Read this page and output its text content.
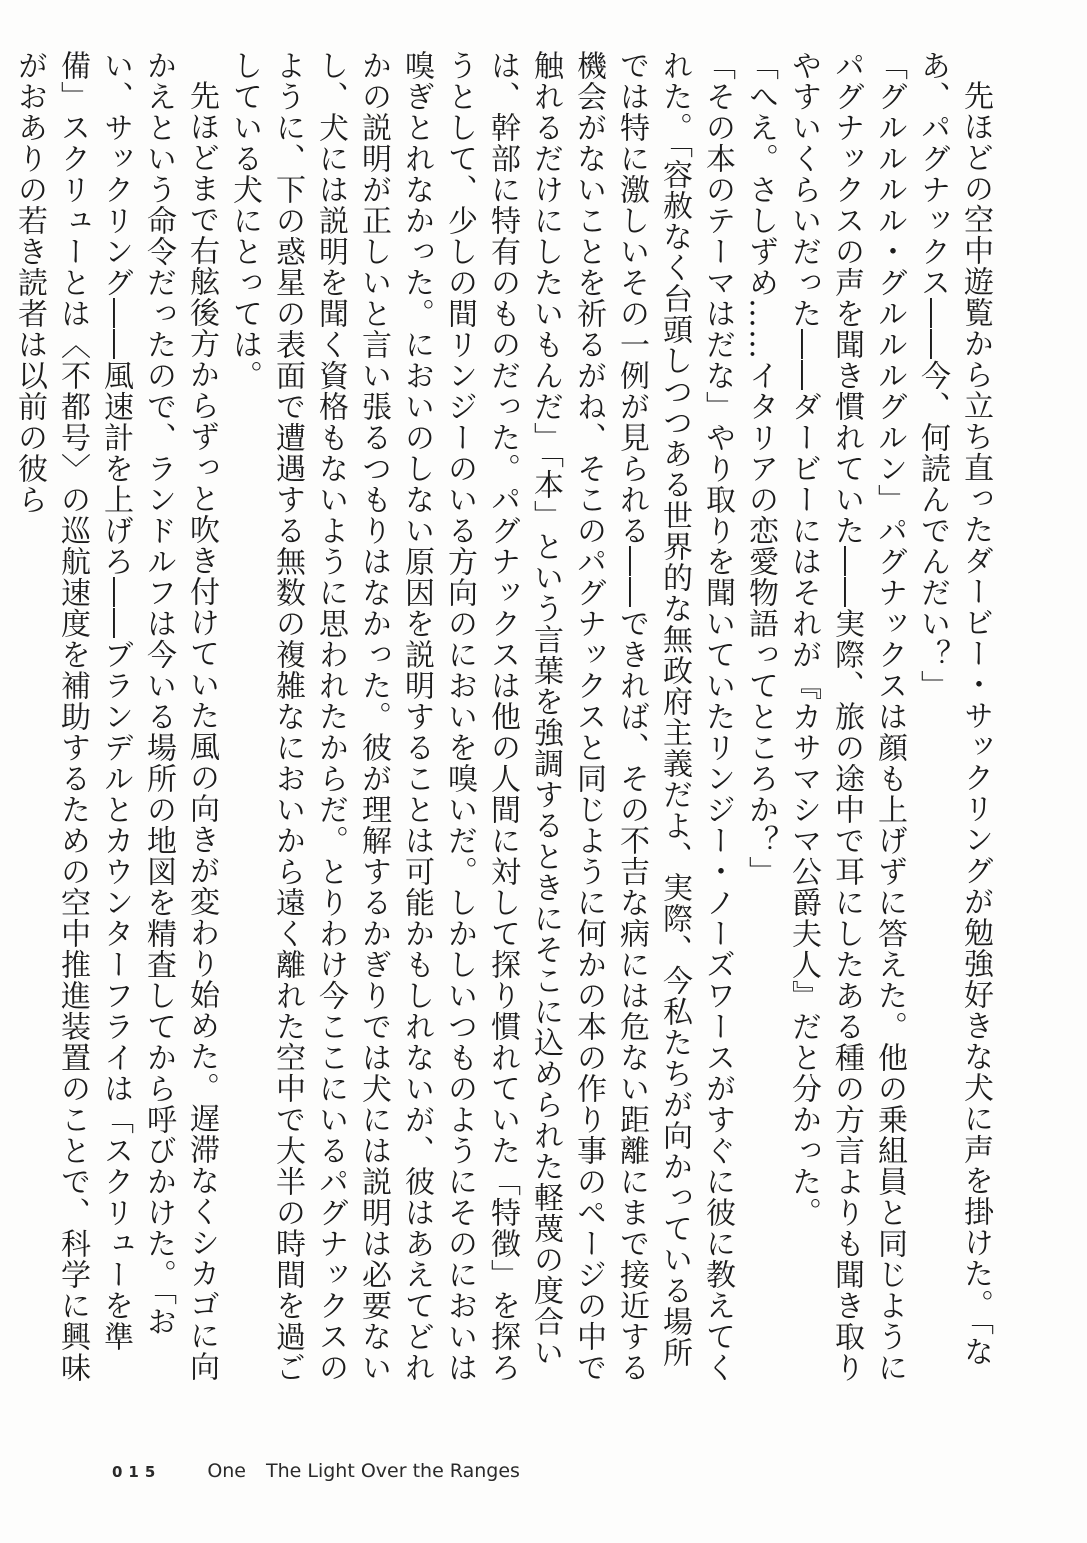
先ほどの空中遊覧から立ち直ったダービー・サックリングが勉強好きな犬に声を掛けた。「なあ、パグナックス――今、何読んでんだい？」

「グルルルル・グルルルグルン」パグナックスは顔も上げずに答えた。他の乗組員と同じようにパグナックスの声を聞き慣れていた――実際、旅の途中で耳にしたある種の方言よりも聞き取りやすいくらいだった――ダービーにはそれが『カサマシマ公爵夫人』だと分かった。

「へえ。さしずめ……イタリアの恋愛物語ってところか？」

「その本のテーマはだな」やり取りを聞いていたリンジー・ノーズワースがすぐに彼に教えてくれた。「容赦なく台頭しつつある世界的な無政府主義だよ、実際、今私たちが向かっている場所では特に激しいその一例が見られる――できれば、その不吉な病には危ない距離にまで接近する機会がないことを祈るがね、そこのパグナックスと同じように何かの本の作り事のページの中で触れるだけにしたいもんだ」「本」という言葉を強調するときにそこに込められた軽蔑の度合いは、幹部に特有のものだった。パグナックスは他の人間に対して探り慣れていた「特徴」を探ろうとして、少しの間リンジーのいる方向のにおいを嗅いだ。しかしいつものようにそのにおいは嗅ぎとれなかった。においのしない原因を説明することは可能かもしれないが、彼はあえてどれかの説明が正しいと言い張るつもりはなかった。彼が理解するかぎりでは犬には説明は必要ないし、犬には説明を聞く資格もないように思われたからだ。とりわけ今ここにいるパグナックスのように、下の惑星の表面で遭遇する無数の複雑なにおいから遠く離れた空中で大半の時間を過ごしている犬にとっては。

先ほどまで右舷後方からずっと吹き付けていた風の向きが変わり始めた。遅滞なくシカゴに向かえという命令だったので、ランドルフは今いる場所の地図を精査してから呼びかけた。「おい、サックリング――風速計を上げろ――ブランデルとカウンターフライは「スクリューを準備」スクリューとは〈不都号〉の巡航速度を補助するための空中推進装置のことで、科学に興味がおありの若き読者は以前の彼ら

015 One The Light Over the Ranges
